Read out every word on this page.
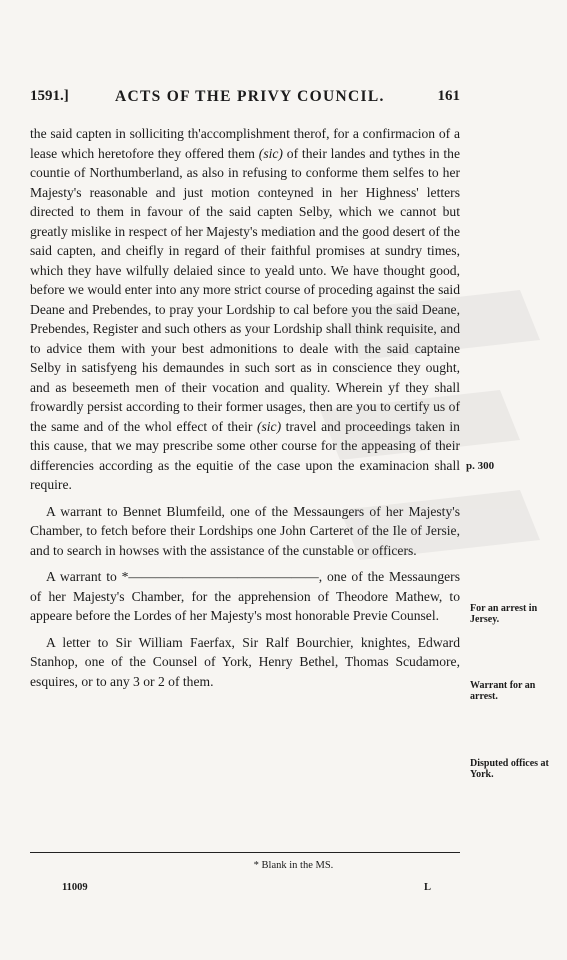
1591.]	ACTS OF THE PRIVY COUNCIL.	161

the said capten in solliciting th'accomplishment therof, for a confirmacion of a lease which heretofore they offered them (sic) of their landes and tythes in the countie of Northumberland, as also in refusing to conforme them selfes to her Majesty's reasonable and just motion conteyned in her Highness' letters directed to them in favour of the said capten Selby, which we cannot but greatly mislike in respect of her Majesty's mediation and the good desert of the said capten, and cheifly in regard of their faithful promises at sundry times, which they have wilfully delaied since to yeald unto. We have thought good, before we would enter into any more strict course of proceding against the said Deane and Prebendes, to pray your Lordship to cal before you the said Deane, Prebendes, Register and such others as your Lordship shall think requisite, and to advice them with your best admonitions to deale with the said captaine Selby in satisfyeng his demaundes in such sort as in conscience they ought, and as beseemeth men of their vocation and quality. Wherein yf they shall frowardly persist according to their former usages, then are you to certify us of the same and of the whol effect of their (sic) travel and proceedings taken in this cause, that we may prescribe some other course for the appeasing of their differencies according as the equitie of the case upon the examinacion shall require.

A warrant to Bennet Blumfeild, one of the Messaungers of her Majesty's Chamber, to fetch before their Lordships one John Carteret of the Ile of Jersie, and to search in howses with the assistance of the cunstable or officers.

A warrant to *——————————————, one of the Messaungers of her Majesty's Chamber, for the apprehension of Theodore Mathew, to appeare before the Lordes of her Majesty's most honorable Previe Counsel.

A letter to Sir William Faerfax, Sir Ralf Bourchier, knightes, Edward Stanhop, one of the Counsel of York, Henry Bethel, Thomas Scudamore, esquires, or to any 3 or 2 of them.

p. 300
For an arrest in Jersey.
Warrant for an arrest.
Disputed offices at York.
* Blank in the MS.
11009	L
